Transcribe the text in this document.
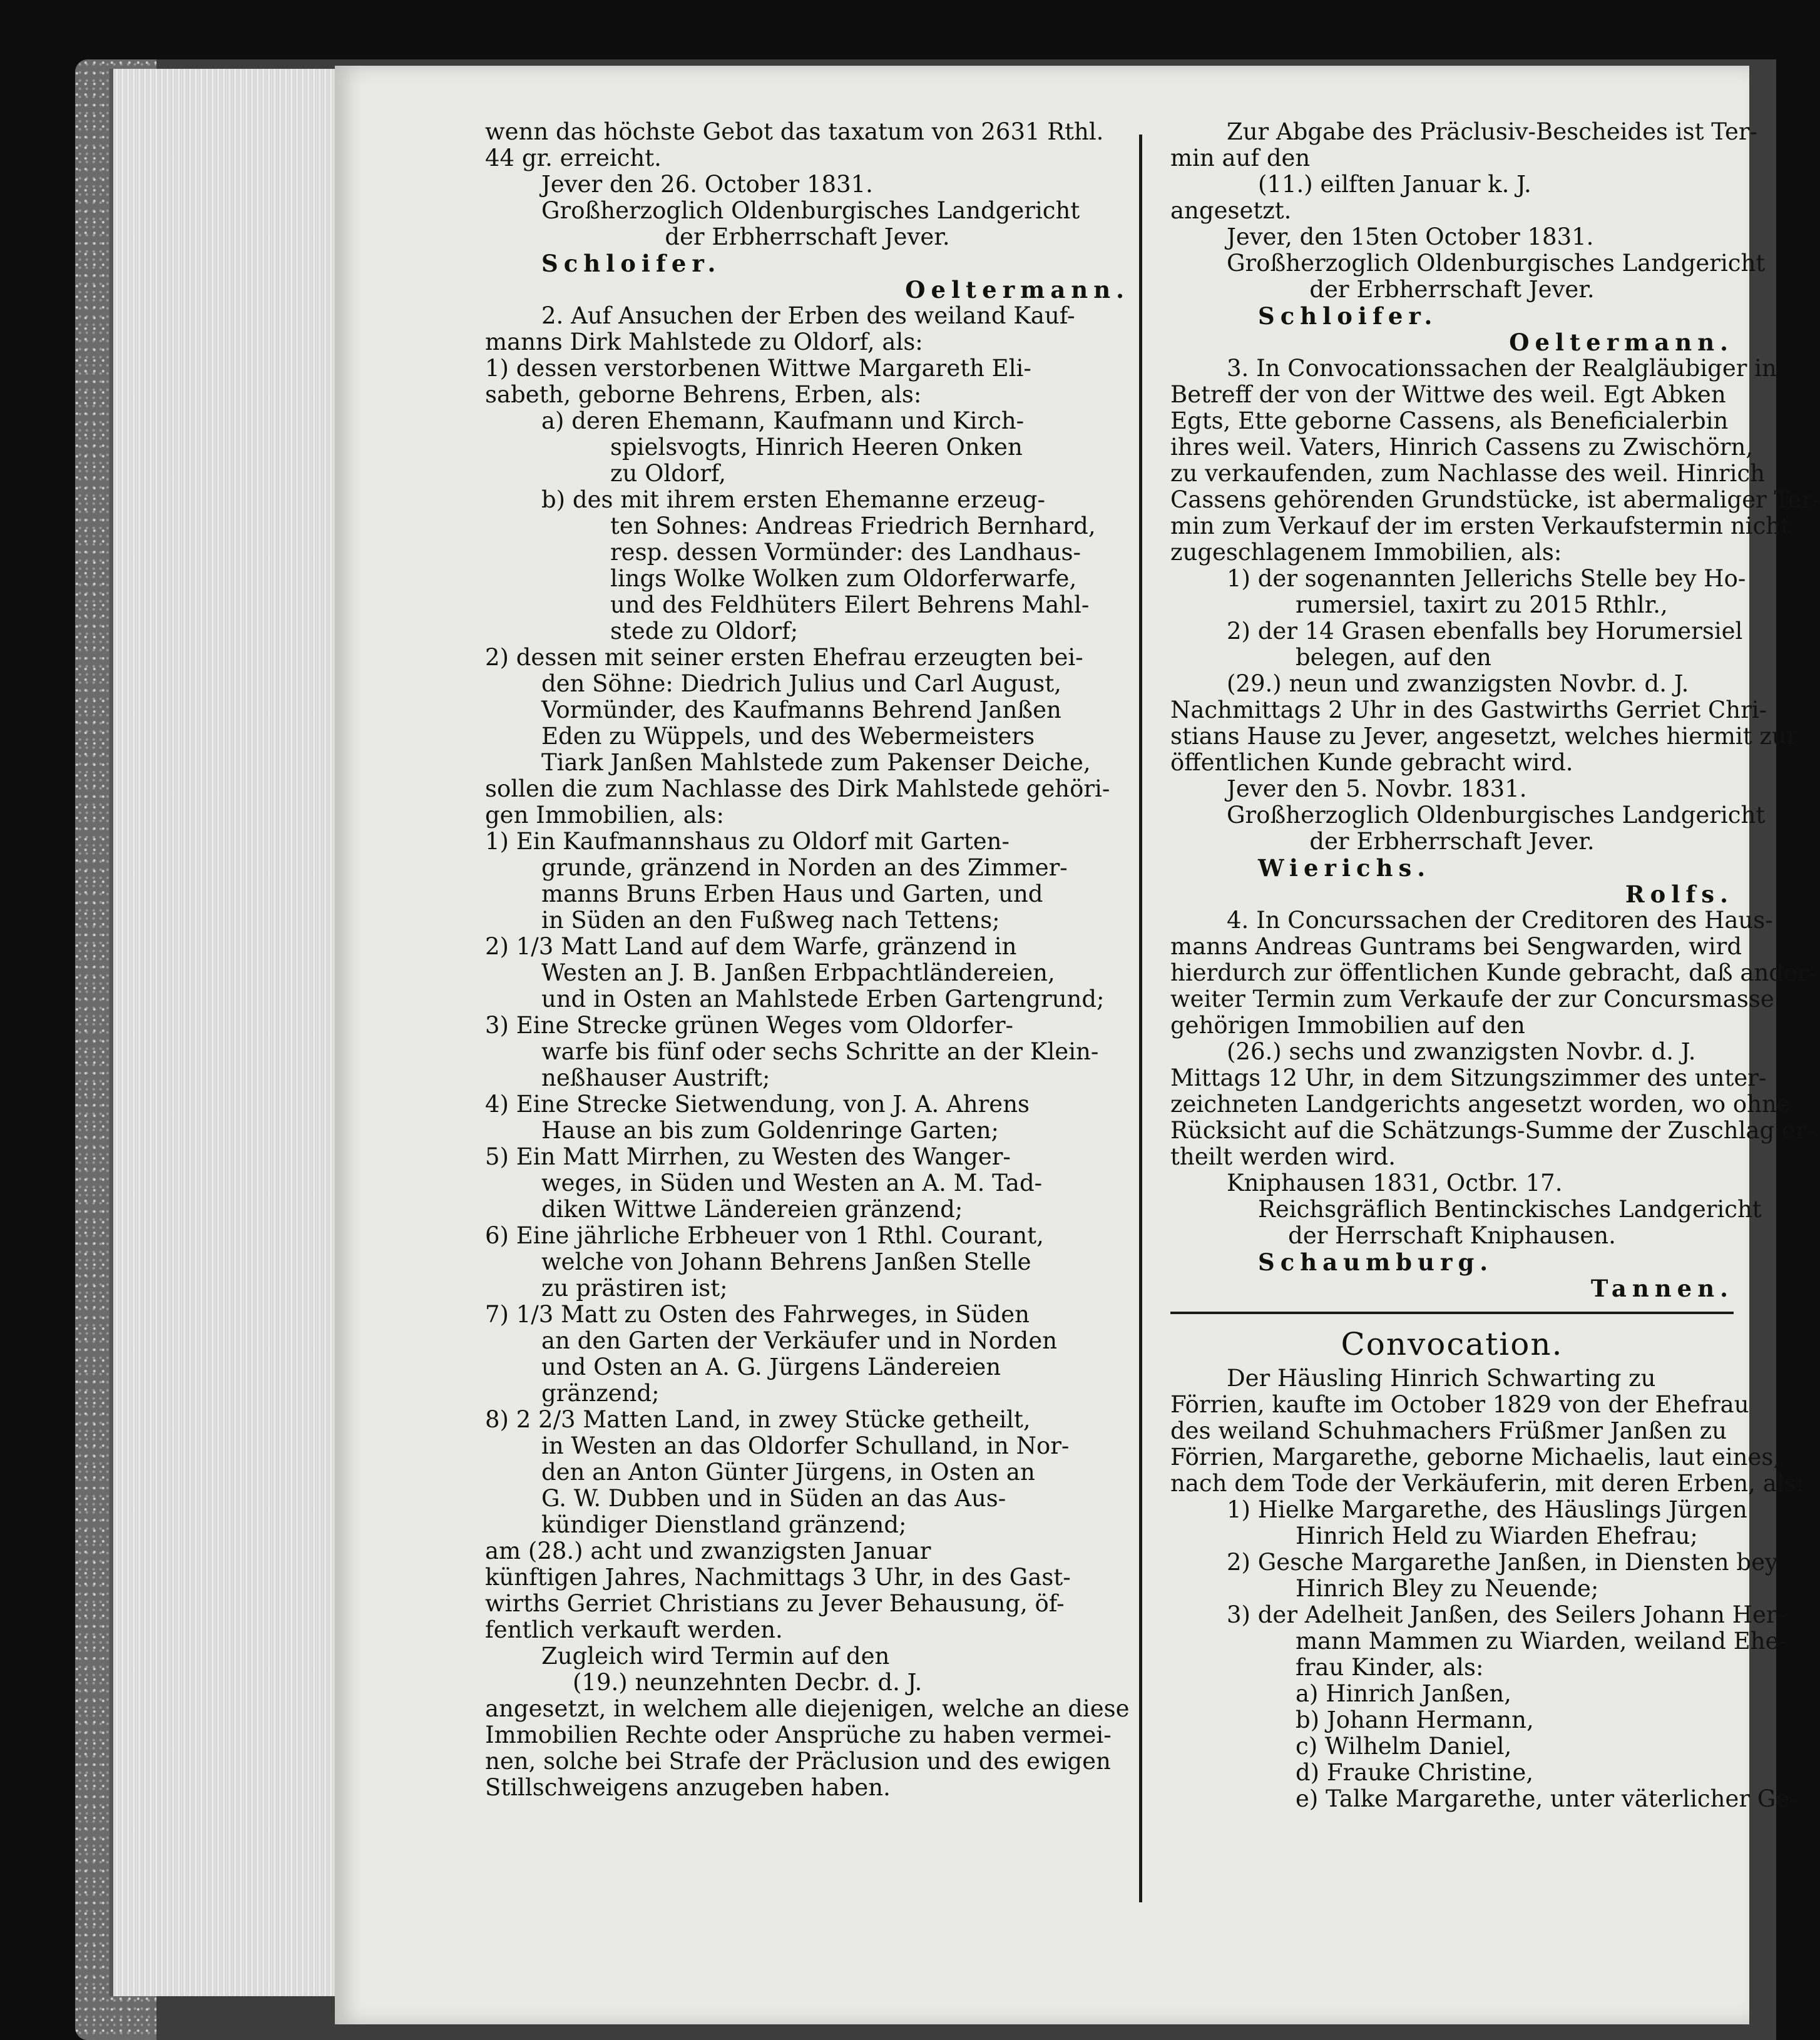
wenn das höchste Gebot das taxatum von 2631 Rthl.
44 gr. erreicht.
Jever den 26. October 1831.
Großherzoglich Oldenburgisches Landgericht
der Erbherrschaft Jever.
Schloifer.
Oeltermann.
2. Auf Ansuchen der Erben des weiland Kauf-
manns Dirk Mahlstede zu Oldorf, als:
1) dessen verstorbenen Wittwe Margareth Eli-
sabeth, geborne Behrens, Erben, als:
a) deren Ehemann, Kaufmann und Kirch-
spielsvogts, Hinrich Heeren Onken
zu Oldorf,
b) des mit ihrem ersten Ehemanne erzeug-
ten Sohnes: Andreas Friedrich Bernhard,
resp. dessen Vormünder: des Landhaus-
lings Wolke Wolken zum Oldorferwarfe,
und des Feldhüters Eilert Behrens Mahl-
stede zu Oldorf;
2) dessen mit seiner ersten Ehefrau erzeugten bei-
den Söhne: Diedrich Julius und Carl August,
Vormünder, des Kaufmanns Behrend Janßen
Eden zu Wüppels, und des Webermeisters
Tiark Janßen Mahlstede zum Pakenser Deiche,
sollen die zum Nachlasse des Dirk Mahlstede gehöri-
gen Immobilien, als:
1) Ein Kaufmannshaus zu Oldorf mit Garten-
grunde, gränzend in Norden an des Zimmer-
manns Bruns Erben Haus und Garten, und
in Süden an den Fußweg nach Tettens;
2) 1/3 Matt Land auf dem Warfe, gränzend in
Westen an J. B. Janßen Erbpachtländereien,
und in Osten an Mahlstede Erben Gartengrund;
3) Eine Strecke grünen Weges vom Oldorfer-
warfe bis fünf oder sechs Schritte an der Klein-
neßhauser Austrift;
4) Eine Strecke Sietwendung, von J. A. Ahrens
Hause an bis zum Goldenringe Garten;
5) Ein Matt Mirrhen, zu Westen des Wanger-
weges, in Süden und Westen an A. M. Tad-
diken Wittwe Ländereien gränzend;
6) Eine jährliche Erbheuer von 1 Rthl. Courant,
welche von Johann Behrens Janßen Stelle
zu prästiren ist;
7) 1/3 Matt zu Osten des Fahrweges, in Süden
an den Garten der Verkäufer und in Norden
und Osten an A. G. Jürgens Ländereien
gränzend;
8) 2 2/3 Matten Land, in zwey Stücke getheilt,
in Westen an das Oldorfer Schulland, in Nor-
den an Anton Günter Jürgens, in Osten an
G. W. Dubben und in Süden an das Aus-
kündiger Dienstland gränzend;
am (28.) acht und zwanzigsten Januar
künftigen Jahres, Nachmittags 3 Uhr, in des Gast-
wirths Gerriet Christians zu Jever Behausung, öf-
fentlich verkauft werden.
Zugleich wird Termin auf den
(19.) neunzehnten Decbr. d. J.
angesetzt, in welchem alle diejenigen, welche an diese
Immobilien Rechte oder Ansprüche zu haben vermei-
nen, solche bei Strafe der Präclusion und des ewigen
Stillschweigens anzugeben haben.
Zur Abgabe des Präclusiv-Bescheides ist Ter-
min auf den
(11.) eilften Januar k. J.
angesetzt.
Jever, den 15ten October 1831.
Großherzoglich Oldenburgisches Landgericht
der Erbherrschaft Jever.
Schloifer.
Oeltermann.
3. In Convocationssachen der Realgläubiger in
Betreff der von der Wittwe des weil. Egt Abken
Egts, Ette geborne Cassens, als Beneficialerbin
ihres weil. Vaters, Hinrich Cassens zu Zwischörn,
zu verkaufenden, zum Nachlasse des weil. Hinrich
Cassens gehörenden Grundstücke, ist abermaliger Ter-
min zum Verkauf der im ersten Verkaufstermin nicht
zugeschlagenem Immobilien, als:
1) der sogenannten Jellerichs Stelle bey Ho-
rumersiel, taxirt zu 2015 Rthlr.,
2) der 14 Grasen ebenfalls bey Horumersiel
belegen, auf den
(29.) neun und zwanzigsten Novbr. d. J.
Nachmittags 2 Uhr in des Gastwirths Gerriet Chri-
stians Hause zu Jever, angesetzt, welches hiermit zur
öffentlichen Kunde gebracht wird.
Jever den 5. Novbr. 1831.
Großherzoglich Oldenburgisches Landgericht
der Erbherrschaft Jever.
Wierichs.
Rolfs.
4. In Concurssachen der Creditoren des Haus-
manns Andreas Guntrams bei Sengwarden, wird
hierdurch zur öffentlichen Kunde gebracht, daß ander-
weiter Termin zum Verkaufe der zur Concursmasse
gehörigen Immobilien auf den
(26.) sechs und zwanzigsten Novbr. d. J.
Mittags 12 Uhr, in dem Sitzungszimmer des unter-
zeichneten Landgerichts angesetzt worden, wo ohne
Rücksicht auf die Schätzungs-Summe der Zuschlag er-
theilt werden wird.
Kniphausen 1831, Octbr. 17.
Reichsgräflich Bentinckisches Landgericht
der Herrschaft Kniphausen.
Schaumburg.
Tannen.
Convocation.
Der Häusling Hinrich Schwarting zu
Förrien, kaufte im October 1829 von der Ehefrau
des weiland Schuhmachers Früßmer Janßen zu
Förrien, Margarethe, geborne Michaelis, laut eines,
nach dem Tode der Verkäuferin, mit deren Erben, als:
1) Hielke Margarethe, des Häuslings Jürgen
Hinrich Held zu Wiarden Ehefrau;
2) Gesche Margarethe Janßen, in Diensten bey
Hinrich Bley zu Neuende;
3) der Adelheit Janßen, des Seilers Johann Her-
mann Mammen zu Wiarden, weiland Ehe-
frau Kinder, als:
a) Hinrich Janßen,
b) Johann Hermann,
c) Wilhelm Daniel,
d) Frauke Christine,
e) Talke Margarethe, unter väterlicher Ge-
